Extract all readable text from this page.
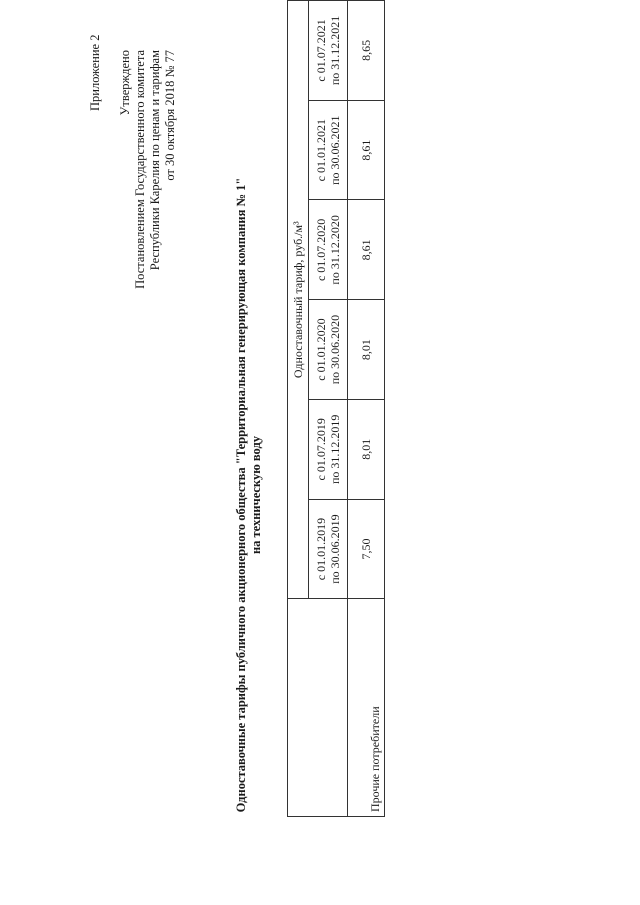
Приложение 2 Утверждено Постановлением Государственного комитета Республики Карелия по ценам и тарифам от 30 октября 2018 № 77
Одноставочные тарифы публичного акционерного общества "Территориальная генерирующая компания № 1" на техническую воду
	Одноставочный тариф, руб./м³					

	с 01.01.2019 по 30.06.2019	с 01.07.2019 по 31.12.2019	с 01.01.2020 по 30.06.2020	с 01.07.2020 по 31.12.2020	с 01.01.2021 по 30.06.2021	с 01.07.2021 по 31.12.2021

Прочие потребители	7,50	8,01	8,01	8,61	8,61	8,65
